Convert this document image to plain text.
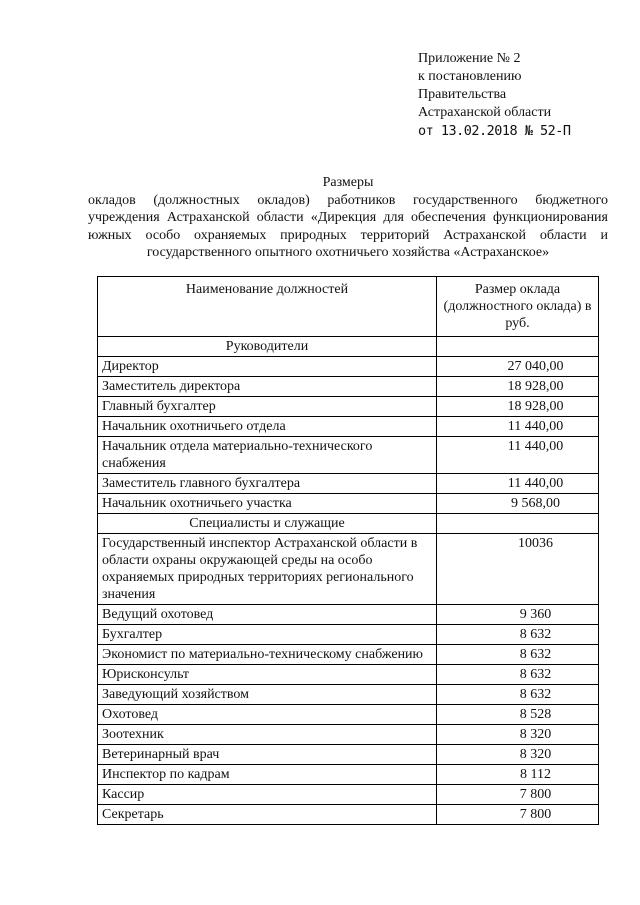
Приложение № 2
к постановлению
Правительства
Астраханской области
от 13.02.2018 № 52-П
Размеры
окладов (должностных окладов) работников государственного бюджетного учреждения Астраханской области «Дирекция для обеспечения функционирования южных особо охраняемых природных территорий Астраханской области и государственного опытного охотничьего хозяйства «Астраханское»
Наименование должностей	Размер оклада (должностного оклада) в руб.
Руководители	
Директор	27 040,00
Заместитель директора	18 928,00
Главный бухгалтер	18 928,00
Начальник охотничьего отдела	11 440,00
Начальник отдела материально-технического снабжения	11 440,00
Заместитель главного бухгалтера	11 440,00
Начальник охотничьего участка	9 568,00
Специалисты и служащие	
Государственный инспектор Астраханской области в области охраны окружающей среды на особо охраняемых природных территориях регионального значения	10036
Ведущий охотовед	9 360
Бухгалтер	8 632
Экономист по материально-техническому снабжению	8 632
Юрисконсульт	8 632
Заведующий хозяйством	8 632
Охотовед	8 528
Зоотехник	8 320
Ветеринарный врач	8 320
Инспектор по кадрам	8 112
Кассир	7 800
Секретарь	7 800
